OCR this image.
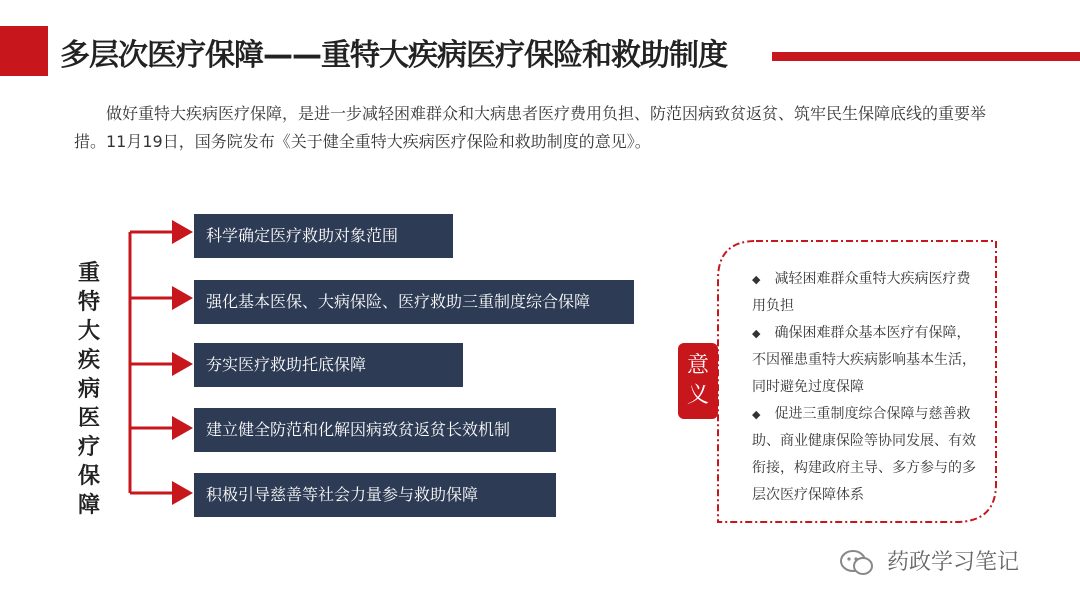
多层次医疗保障——重特大疾病医疗保险和救助制度
做好重特大疾病医疗保障，是进一步减轻困难群众和大病患者医疗费用负担、防范因病致贫返贫、筑牢民生保障底线的重要举措。11月19日，国务院发布《关于健全重特大疾病医疗保险和救助制度的意见》。
重
特
大
疾
病
医
疗
保
障
科学确定医疗救助对象范围
强化基本医保、大病保险、医疗救助三重制度综合保障
夯实医疗救助托底保障
建立健全防范和化解因病致贫返贫长效机制
积极引导慈善等社会力量参与救助保障
意
义

◆ 减轻困难群众重特大疾病医疗费用负担

◆ 确保困难群众基本医疗有保障，不因罹患重特大疾病影响基本生活，同时避免过度保障

◆ 促进三重制度综合保障与慈善救助、商业健康保险等协同发展、有效衔接，构建政府主导、多方参与的多层次医疗保障体系

药政学习笔记
